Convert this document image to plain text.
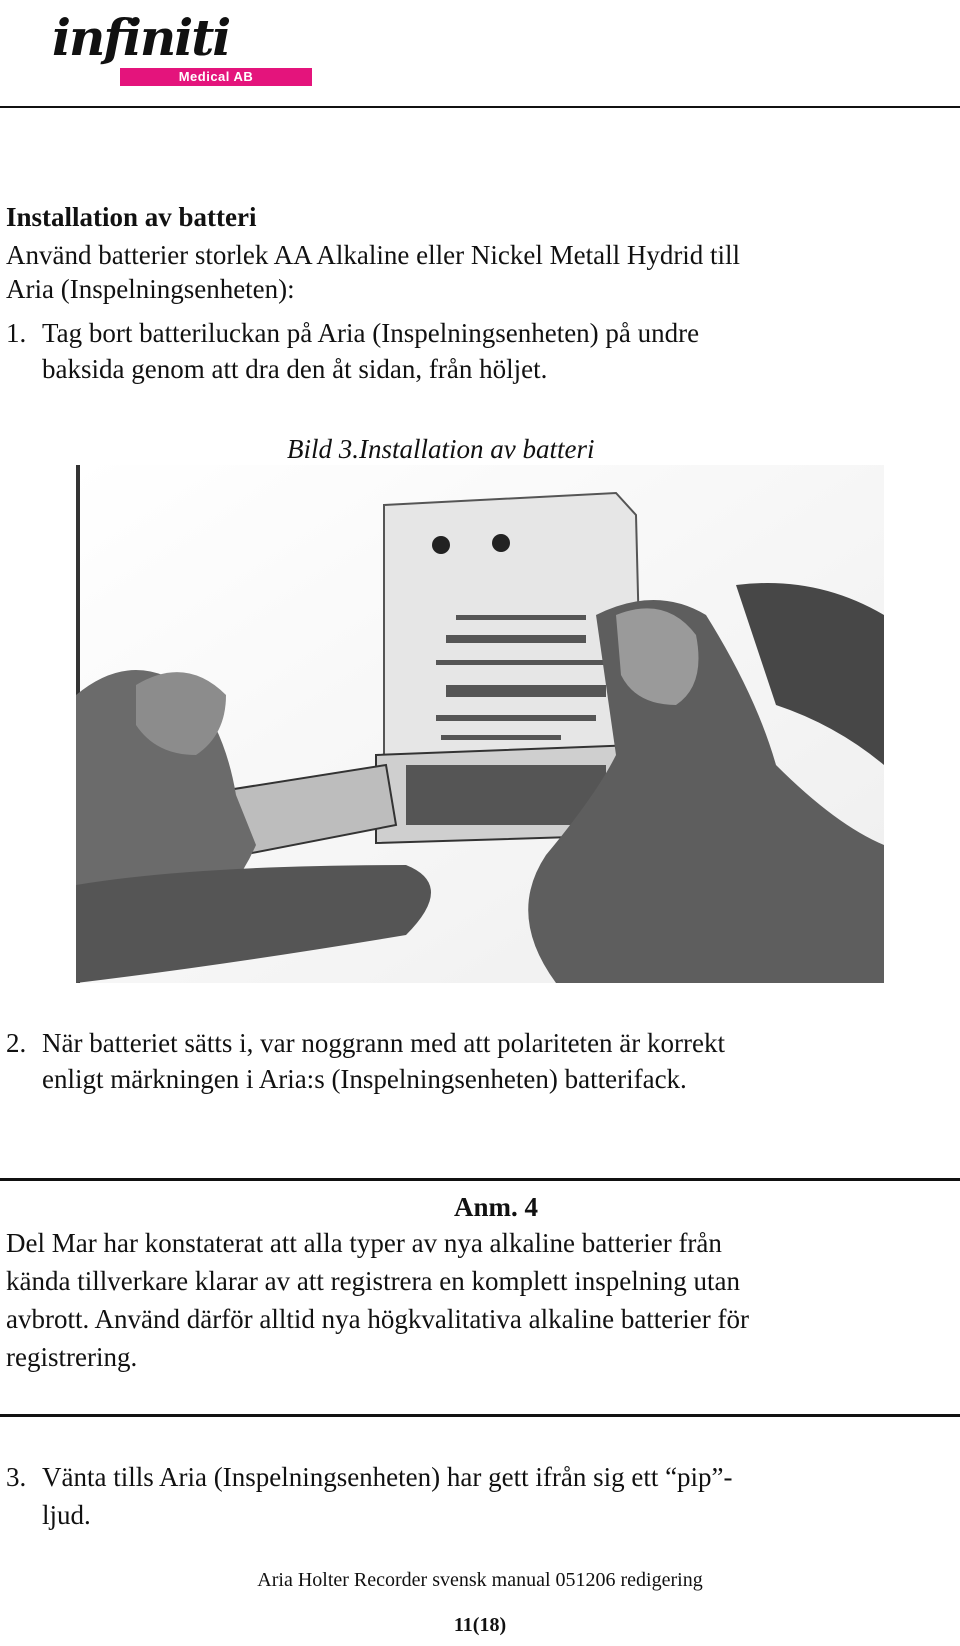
infiniti
Medical AB
Installation av batteri
Använd batterier storlek AA Alkaline eller Nickel Metall Hydrid till
Aria (Inspelningsenheten):
1. Tag bort batteriluckan på Aria (Inspelningsenheten) på undre
baksida genom att dra den åt sidan, från höljet.
Bild 3.Installation av batteri
2. När batteriet sätts i, var noggrann med att polariteten är korrekt
enligt märkningen i Aria:s (Inspelningsenheten) batterifack.
Anm. 4
Del Mar har konstaterat att alla typer av nya alkaline batterier från
kända tillverkare klarar av att registrera en komplett inspelning utan
avbrott. Använd därför alltid nya högkvalitativa alkaline batterier för
registrering.
3. Vänta tills Aria (Inspelningsenheten) har gett ifrån sig ett “pip”-
ljud.
Aria Holter Recorder svensk manual 051206 redigering
11(18)
